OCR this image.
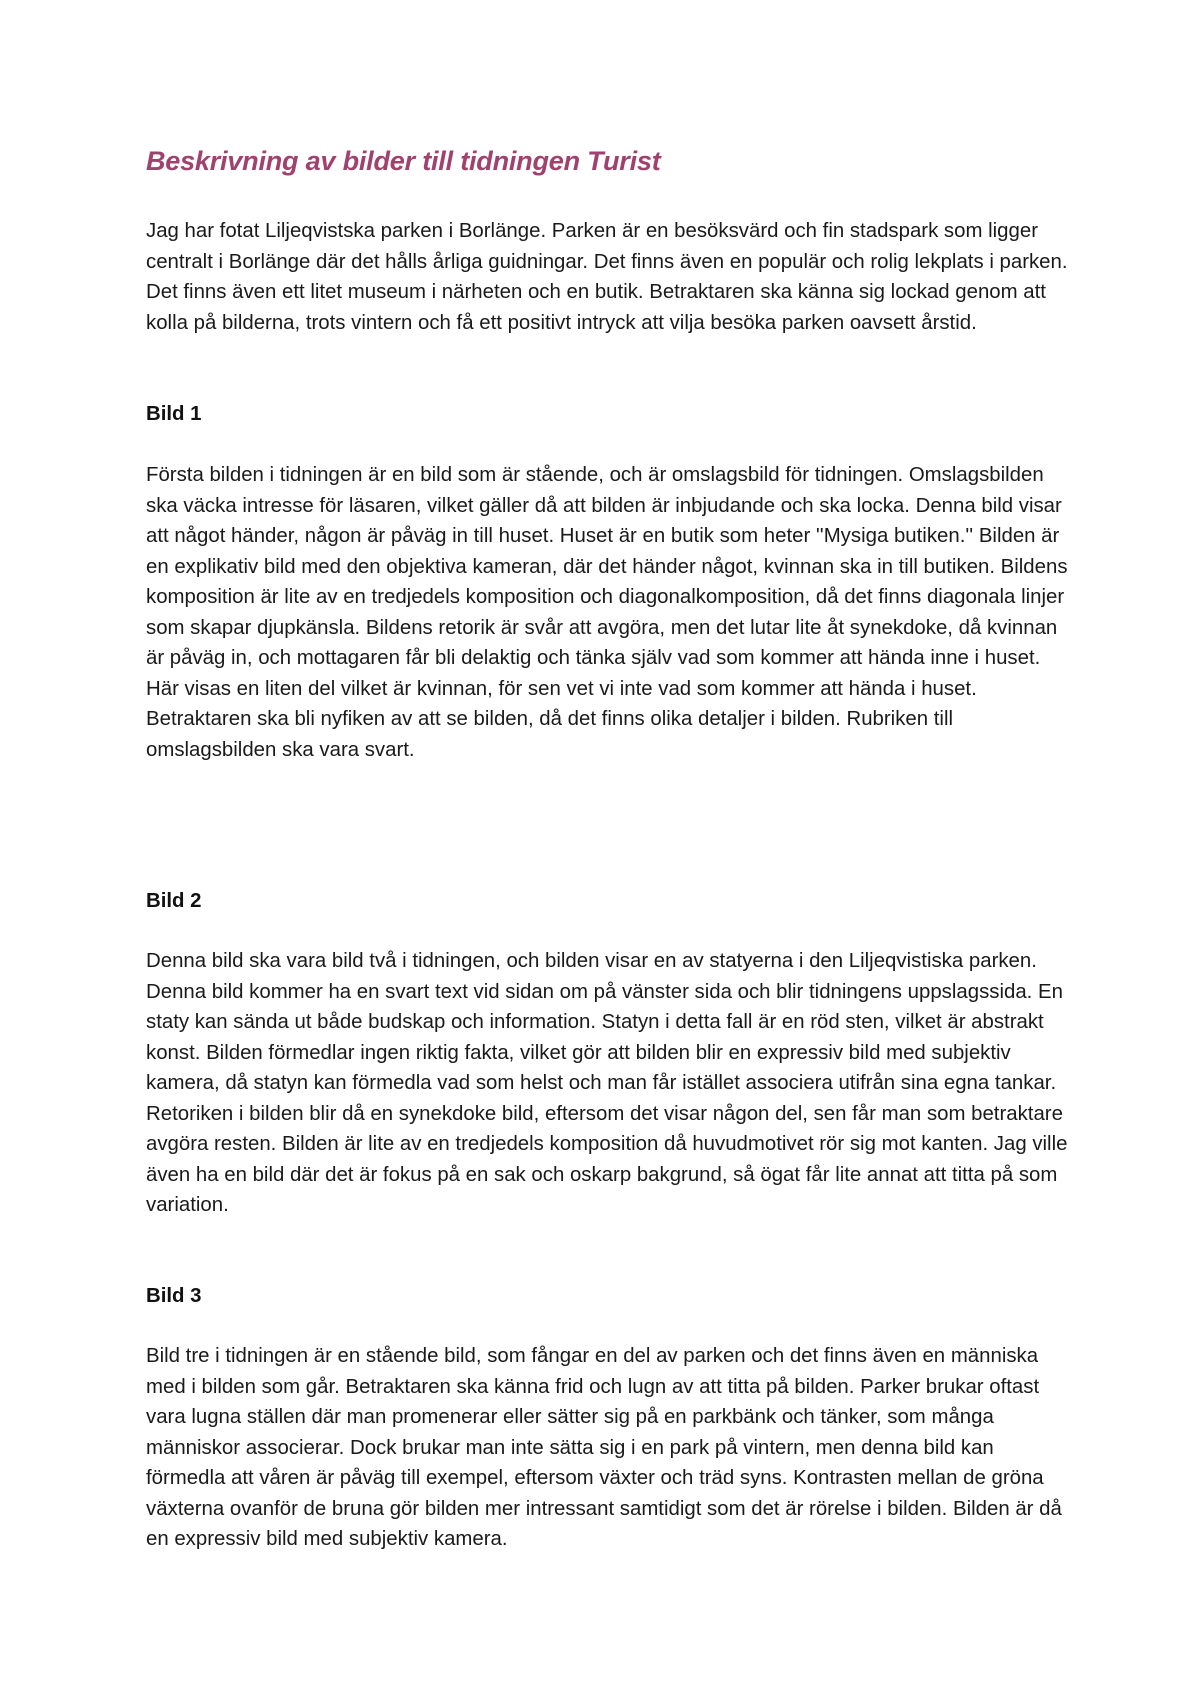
Beskrivning av bilder till tidningen Turist

Jag har fotat Liljeqvistska parken i Borlänge. Parken är en besöksvärd och fin stadspark som ligger centralt i Borlänge där det hålls årliga guidningar. Det finns även en populär och rolig lekplats i parken. Det finns även ett litet museum i närheten och en butik. Betraktaren ska känna sig lockad genom att kolla på bilderna, trots vintern och få ett positivt intryck att vilja besöka parken oavsett årstid.

Bild 1

Första bilden i tidningen är en bild som är stående, och är omslagsbild för tidningen. Omslagsbilden ska väcka intresse för läsaren, vilket gäller då att bilden är inbjudande och ska locka. Denna bild visar att något händer, någon är påväg in till huset. Huset är en butik som heter ''Mysiga butiken.'' Bilden är en explikativ bild med den objektiva kameran, där det händer något, kvinnan ska in till butiken. Bildens komposition är lite av en tredjedels komposition och diagonalkomposition, då det finns diagonala linjer som skapar djupkänsla. Bildens retorik är svår att avgöra, men det lutar lite åt synekdoke, då kvinnan är påväg in, och mottagaren får bli delaktig och tänka själv vad som kommer att hända inne i huset. Här visas en liten del vilket är kvinnan, för sen vet vi inte vad som kommer att hända i huset. Betraktaren ska bli nyfiken av att se bilden, då det finns olika detaljer i bilden. Rubriken till omslagsbilden ska vara svart.

Bild 2

Denna bild ska vara bild två i tidningen, och bilden visar en av statyerna i den Liljeqvistiska parken. Denna bild kommer ha en svart text vid sidan om på vänster sida och blir tidningens uppslagssida. En staty kan sända ut både budskap och information. Statyn i detta fall är en röd sten, vilket är abstrakt konst. Bilden förmedlar ingen riktig fakta, vilket gör att bilden blir en expressiv bild med subjektiv kamera, då statyn kan förmedla vad som helst och man får istället associera utifrån sina egna tankar. Retoriken i bilden blir då en synekdoke bild, eftersom det visar någon del, sen får man som betraktare avgöra resten. Bilden är lite av en tredjedels komposition då huvudmotivet rör sig mot kanten. Jag ville även ha en bild där det är fokus på en sak och oskarp bakgrund, så ögat får lite annat att titta på som variation.

Bild 3

Bild tre i tidningen är en stående bild, som fångar en del av parken och det finns även en människa med i bilden som går. Betraktaren ska känna frid och lugn av att titta på bilden. Parker brukar oftast vara lugna ställen där man promenerar eller sätter sig på en parkbänk och tänker, som många människor associerar. Dock brukar man inte sätta sig i en park på vintern, men denna bild kan förmedla att våren är påväg till exempel, eftersom växter och träd syns. Kontrasten mellan de gröna växterna ovanför de bruna gör bilden mer intressant samtidigt som det är rörelse i bilden. Bilden är då en expressiv bild med subjektiv kamera.
